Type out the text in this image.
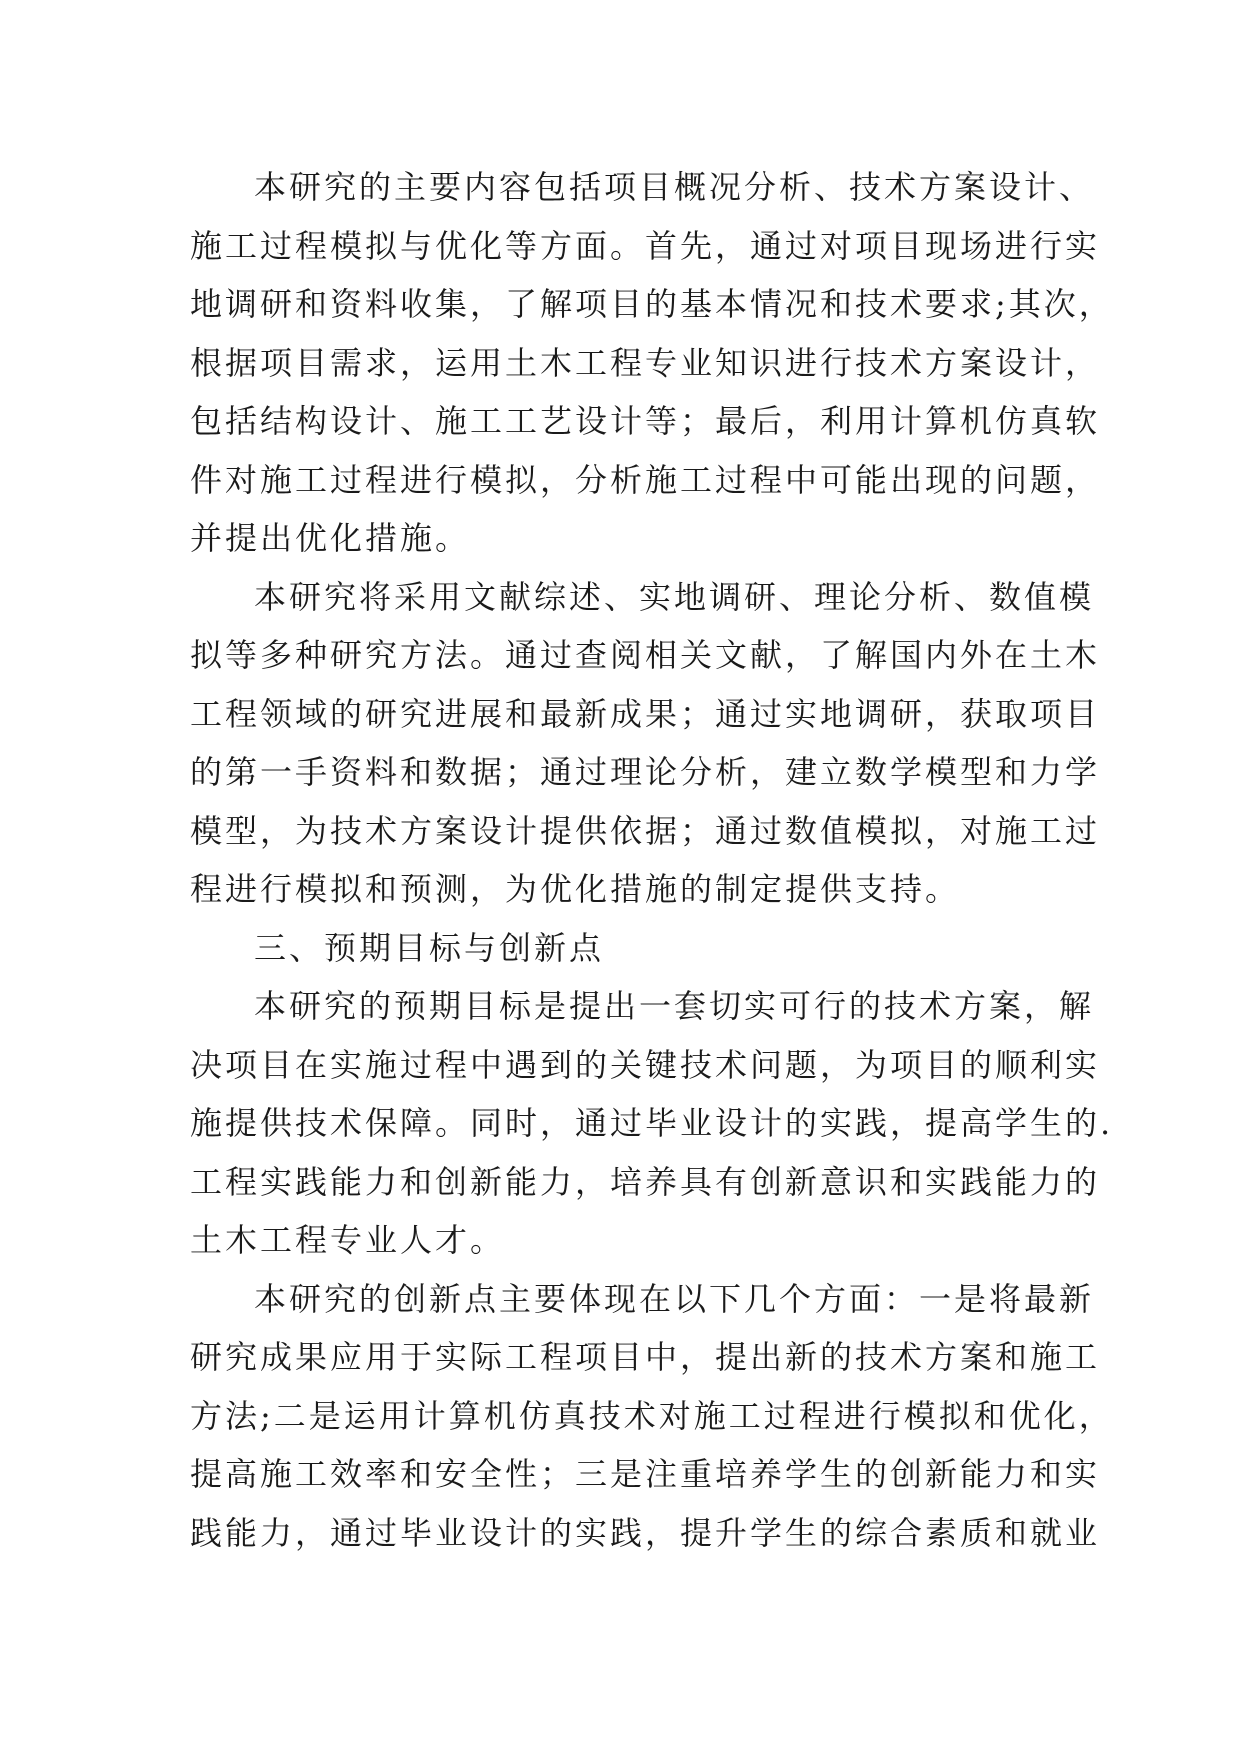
本研究的主要内容包括项目概况分析、技术方案设计、
施工过程模拟与优化等方面。首先，通过对项目现场进行实
地调研和资料收集，了解项目的基本情况和技术要求;其次，
根据项目需求，运用土木工程专业知识进行技术方案设计，
包括结构设计、施工工艺设计等；最后，利用计算机仿真软
件对施工过程进行模拟，分析施工过程中可能出现的问题，
并提出优化措施。
本研究将采用文献综述、实地调研、理论分析、数值模
拟等多种研究方法。通过查阅相关文献，了解国内外在土木
工程领域的研究进展和最新成果；通过实地调研，获取项目
的第一手资料和数据；通过理论分析，建立数学模型和力学
模型，为技术方案设计提供依据；通过数值模拟，对施工过
程进行模拟和预测，为优化措施的制定提供支持。
三、预期目标与创新点
本研究的预期目标是提出一套切实可行的技术方案，解
决项目在实施过程中遇到的关键技术问题，为项目的顺利实
施提供技术保障。同时，通过毕业设计的实践，提高学生的.
工程实践能力和创新能力，培养具有创新意识和实践能力的
土木工程专业人才。
本研究的创新点主要体现在以下几个方面：一是将最新
研究成果应用于实际工程项目中，提出新的技术方案和施工
方法;二是运用计算机仿真技术对施工过程进行模拟和优化，
提高施工效率和安全性；三是注重培养学生的创新能力和实
践能力，通过毕业设计的实践，提升学生的综合素质和就业
